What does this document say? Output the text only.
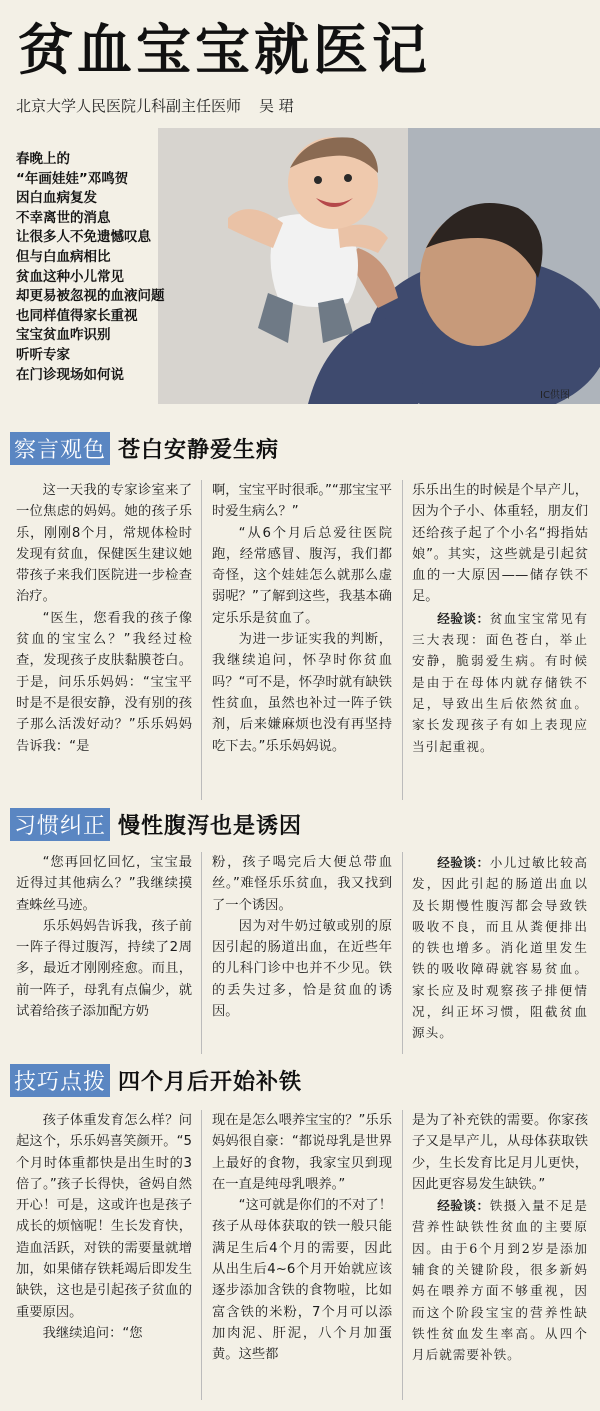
贫血宝宝就医记
北京大学人民医院儿科副主任医师 吴 珺
春晚上的
“年画娃娃”邓鸣贺
因白血病复发
不幸离世的消息
让很多人不免遗憾叹息
但与白血病相比
贫血这种小儿常见
却更易被忽视的血液问题
也同样值得家长重视
宝宝贫血咋识别
听听专家
在门诊现场如何说
IC供图
察言观色 苍白安静爱生病

这一天我的专家诊室来了一位焦虑的妈妈。她的孩子乐乐，刚刚8个月，常规体检时发现有贫血，保健医生建议她带孩子来我们医院进一步检查治疗。

“医生，您看我的孩子像贫血的宝宝么？”我经过检查，发现孩子皮肤黏膜苍白。于是，问乐乐妈妈：“宝宝平时是不是很安静，没有别的孩子那么活泼好动？”乐乐妈妈告诉我：“是

啊，宝宝平时很乖。”“那宝宝平时爱生病么？”

“从6个月后总爱往医院跑，经常感冒、腹泻，我们都奇怪，这个娃娃怎么就那么虚弱呢？”了解到这些，我基本确定乐乐是贫血了。

为进一步证实我的判断，我继续追问，怀孕时你贫血吗？“可不是，怀孕时就有缺铁性贫血，虽然也补过一阵子铁剂，后来嫌麻烦也没有再坚持吃下去。”乐乐妈妈说。

乐乐出生的时候是个早产儿，因为个子小、体重轻，朋友们还给孩子起了个小名“拇指姑娘”。其实，这些就是引起贫血的一大原因——储存铁不足。

经验谈：贫血宝宝常见有三大表现：面色苍白，举止安静，脆弱爱生病。有时候是由于在母体内就存储铁不足，导致出生后依然贫血。家长发现孩子有如上表现应当引起重视。

习惯纠正 慢性腹泻也是诱因

“您再回忆回忆，宝宝最近得过其他病么？”我继续摸查蛛丝马迹。

乐乐妈妈告诉我，孩子前一阵子得过腹泻，持续了2周多，最近才刚刚痊愈。而且，前一阵子，母乳有点偏少，就试着给孩子添加配方奶

粉，孩子喝完后大便总带血丝。”难怪乐乐贫血，我又找到了一个诱因。

因为对牛奶过敏或别的原因引起的肠道出血，在近些年的儿科门诊中也并不少见。铁的丢失过多，恰是贫血的诱因。

经验谈：小儿过敏比较高发，因此引起的肠道出血以及长期慢性腹泻都会导致铁吸收不良，而且从粪便排出的铁也增多。消化道里发生铁的吸收障碍就容易贫血。家长应及时观察孩子排便情况，纠正坏习惯，阻截贫血源头。

技巧点拨 四个月后开始补铁

孩子体重发育怎么样？问起这个，乐乐妈喜笑颜开。“5个月时体重都快是出生时的3倍了。”孩子长得快，爸妈自然开心！可是，这或许也是孩子成长的烦恼呢！生长发育快，造血活跃，对铁的需要量就增加，如果储存铁耗竭后即发生缺铁，这也是引起孩子贫血的重要原因。

我继续追问：“您

现在是怎么喂养宝宝的？”乐乐妈妈很自豪：“都说母乳是世界上最好的食物，我家宝贝到现在一直是纯母乳喂养。”

“这可就是你们的不对了！孩子从母体获取的铁一般只能满足生后4个月的需要，因此从出生后4~6个月开始就应该逐步添加含铁的食物啦，比如富含铁的米粉，7个月可以添加肉泥、肝泥，八个月加蛋黄。这些都

是为了补充铁的需要。你家孩子又是早产儿，从母体获取铁少，生长发育比足月儿更快，因此更容易发生缺铁。”

经验谈：铁摄入量不足是营养性缺铁性贫血的主要原因。由于6个月到2岁是添加辅食的关键阶段，很多新妈妈在喂养方面不够重视，因而这个阶段宝宝的营养性缺铁性贫血发生率高。从四个月后就需要补铁。
